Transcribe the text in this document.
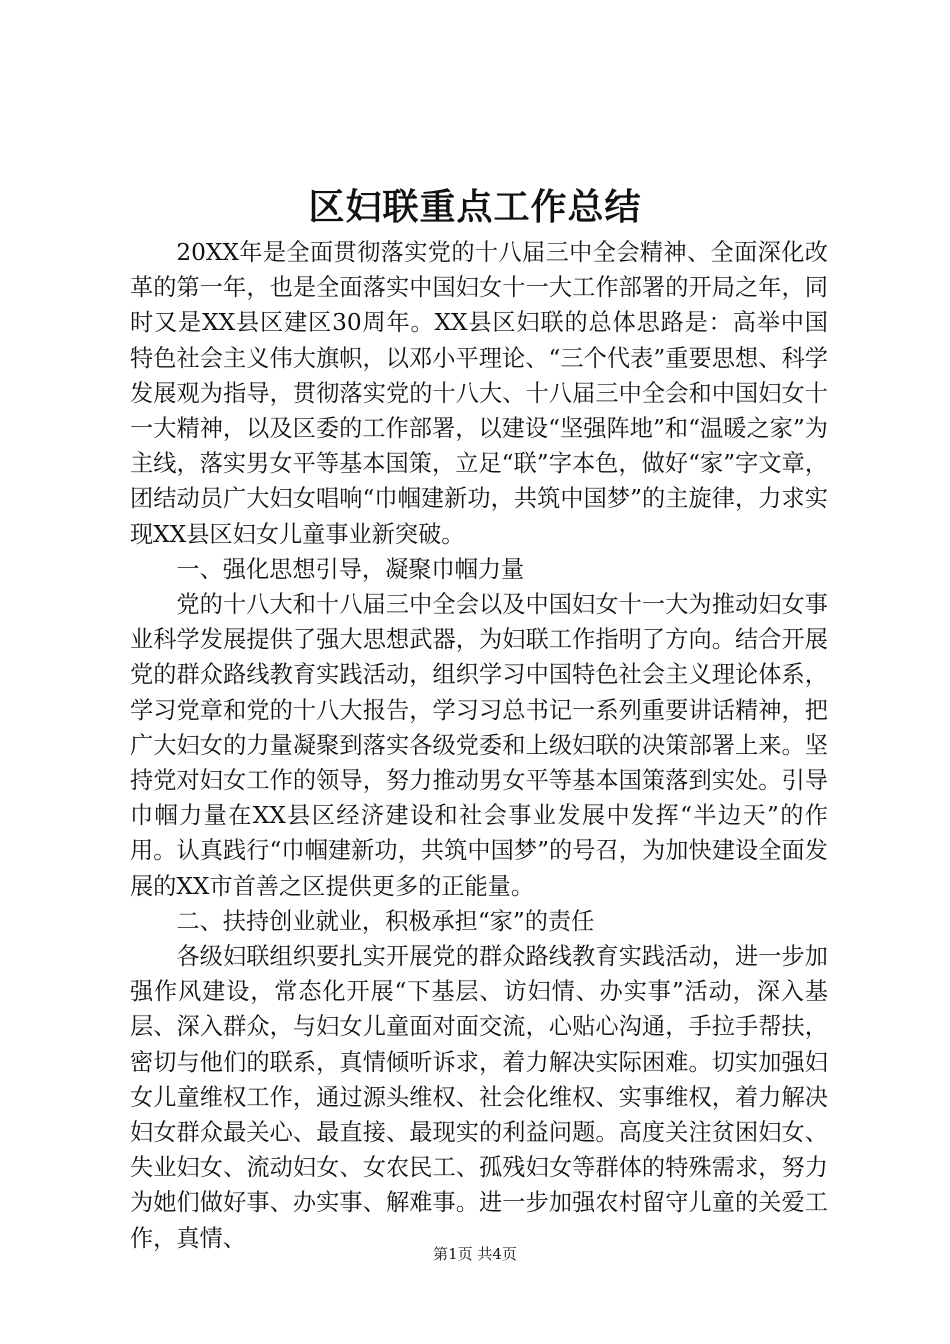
区妇联重点工作总结

20XX年是全面贯彻落实党的十八届三中全会精神、全面深化改革的第一年，也是全面落实中国妇女十一大工作部署的开局之年，同时又是XX县区建区30周年。XX县区妇联的总体思路是：高举中国特色社会主义伟大旗帜，以邓小平理论、“三个代表”重要思想、科学发展观为指导，贯彻落实党的十八大、十八届三中全会和中国妇女十一大精神，以及区委的工作部署，以建设“坚强阵地”和“温暖之家”为主线，落实男女平等基本国策，立足“联”字本色，做好“家”字文章，团结动员广大妇女唱响“巾帼建新功，共筑中国梦”的主旋律，力求实现XX县区妇女儿童事业新突破。

一、强化思想引导，凝聚巾帼力量

党的十八大和十八届三中全会以及中国妇女十一大为推动妇女事业科学发展提供了强大思想武器，为妇联工作指明了方向。结合开展党的群众路线教育实践活动，组织学习中国特色社会主义理论体系，学习党章和党的十八大报告，学习习总书记一系列重要讲话精神，把广大妇女的力量凝聚到落实各级党委和上级妇联的决策部署上来。坚持党对妇女工作的领导，努力推动男女平等基本国策落到实处。引导巾帼力量在XX县区经济建设和社会事业发展中发挥“半边天”的作用。认真践行“巾帼建新功，共筑中国梦”的号召，为加快建设全面发展的XX市首善之区提供更多的正能量。

二、扶持创业就业，积极承担“家”的责任

各级妇联组织要扎实开展党的群众路线教育实践活动，进一步加强作风建设，常态化开展“下基层、访妇情、办实事”活动，深入基层、深入群众，与妇女儿童面对面交流，心贴心沟通，手拉手帮扶，密切与他们的联系，真情倾听诉求，着力解决实际困难。切实加强妇女儿童维权工作，通过源头维权、社会化维权、实事维权，着力解决妇女群众最关心、最直接、最现实的利益问题。高度关注贫困妇女、失业妇女、流动妇女、女农民工、孤残妇女等群体的特殊需求，努力为她们做好事、办实事、解难事。进一步加强农村留守儿童的关爱工作，真情、

第1页 共4页
